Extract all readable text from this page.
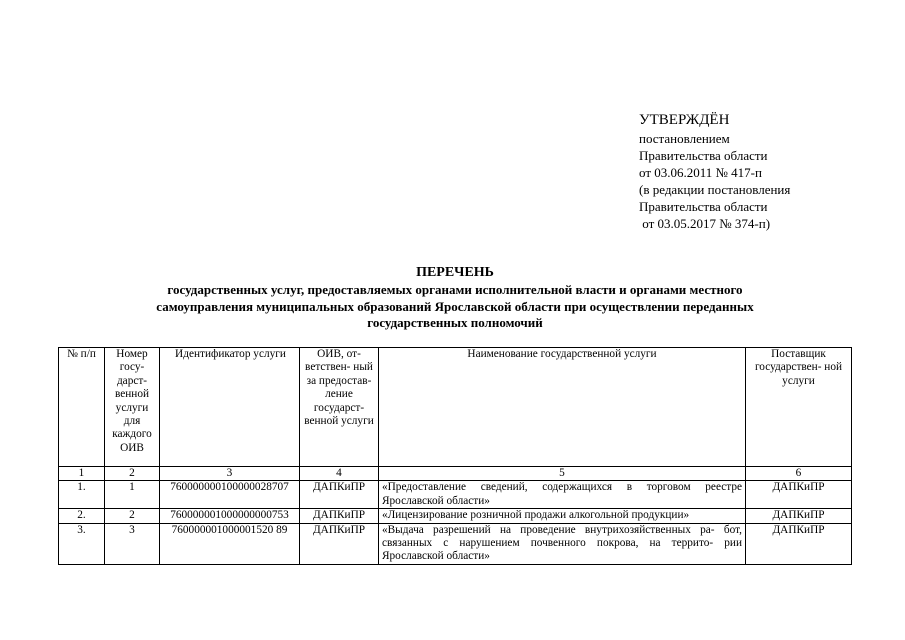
УТВЕРЖДЁН
постановлением
Правительства области
от 03.06.2011 № 417-п
(в редакции постановления
Правительства области
от 03.05.2017 № 374-п)
ПЕРЕЧЕНЬ
государственных услуг, предоставляемых органами исполнительной власти и органами местного
самоуправления муниципальных образований Ярославской области при осуществлении переданных
государственных полномочий
№ п/п	Номер госу- дарст- венной услуги для каждого ОИВ	Идентификатор услуги	ОИВ, от- ветствен- ный за предостав- ление государст- венной услуги	Наименование государственной услуги	Поставщик государствен- ной услуги
1	2	3	4	5	6
1.	1	760000000100000028707	ДАПКиПР	«Предоставление сведений, содержащихся в торговом реестре Ярославской области»	ДАПКиПР
2.	2	760000001000000000753	ДАПКиПР	«Лицензирование розничной продажи алкогольной продукции»	ДАПКиПР
3.	3	760000001000001520 89	ДАПКиПР	«Выдача разрешений на проведение внутрихозяйственных ра- бот, связанных с нарушением почвенного покрова, на террито- рии Ярославской области»	ДАПКиПР
